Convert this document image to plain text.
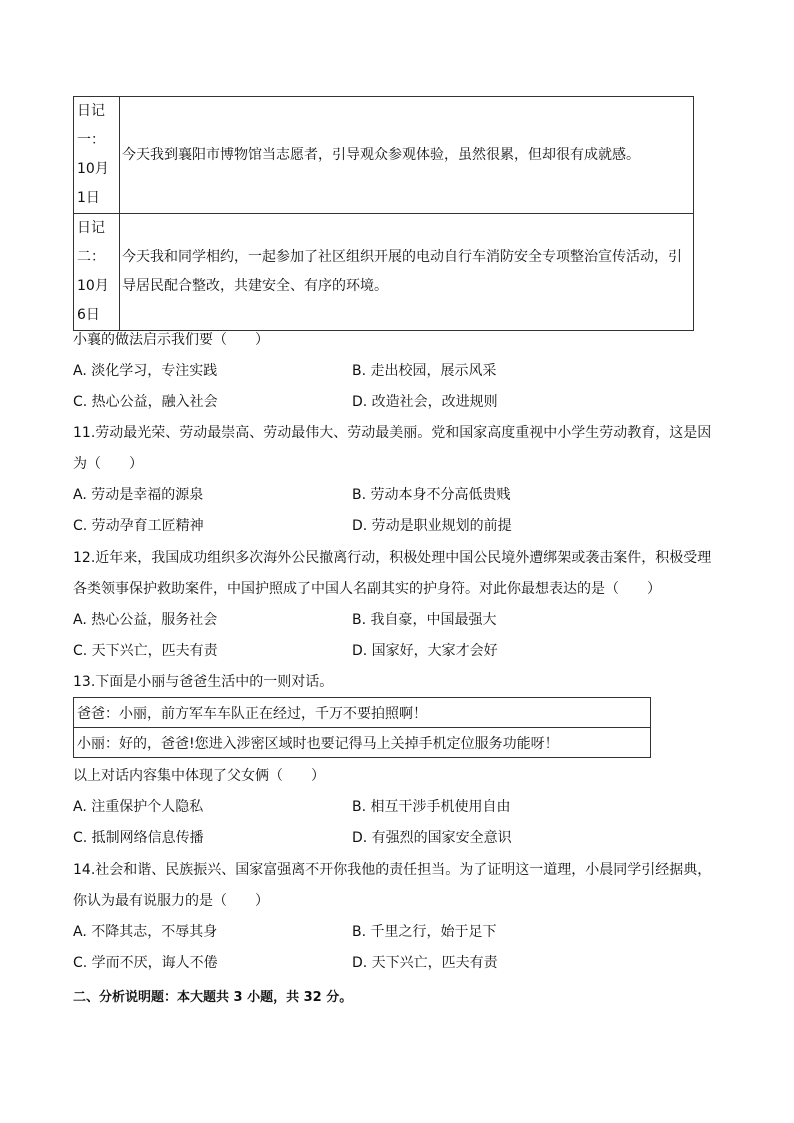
日记
一：
10月
1日	今天我到襄阳市博物馆当志愿者，引导观众参观体验，虽然很累，但却很有成就感。

日记
二：
10月
6日	今天我和同学相约，一起参加了社区组织开展的电动自行车消防安全专项整治宣传活动，引导居民配合整改，共建安全、有序的环境。
小襄的做法启示我们要（　　）
A. 淡化学习，专注实践	B. 走出校园，展示风采
C. 热心公益，融入社会	D. 改造社会，改进规则
11.劳动最光荣、劳动最崇高、劳动最伟大、劳动最美丽。党和国家高度重视中小学生劳动教育，这是因
为（　　）
A. 劳动是幸福的源泉	B. 劳动本身不分高低贵贱
C. 劳动孕育工匠精神	D. 劳动是职业规划的前提
12.近年来，我国成功组织多次海外公民撤离行动，积极处理中国公民境外遭绑架或袭击案件，积极受理
各类领事保护救助案件，中国护照成了中国人名副其实的护身符。对此你最想表达的是（　　）
A. 热心公益，服务社会	B. 我自豪，中国最强大
C. 天下兴亡，匹夫有责	D. 国家好，大家才会好
13.下面是小丽与爸爸生活中的一则对话。
爸爸：小丽，前方军车车队正在经过，千万不要拍照啊！
小丽：好的，爸爸!您进入涉密区域时也要记得马上关掉手机定位服务功能呀！
以上对话内容集中体现了父女俩（　　）
A. 注重保护个人隐私	B. 相互干涉手机使用自由
C. 抵制网络信息传播	D. 有强烈的国家安全意识
14.社会和谐、民族振兴、国家富强离不开你我他的责任担当。为了证明这一道理，小晨同学引经据典，
你认为最有说服力的是（　　）
A. 不降其志，不辱其身	B. 千里之行，始于足下
C. 学而不厌，诲人不倦	D. 天下兴亡，匹夫有责
二、分析说明题：本大题共 3 小题，共 32 分。
